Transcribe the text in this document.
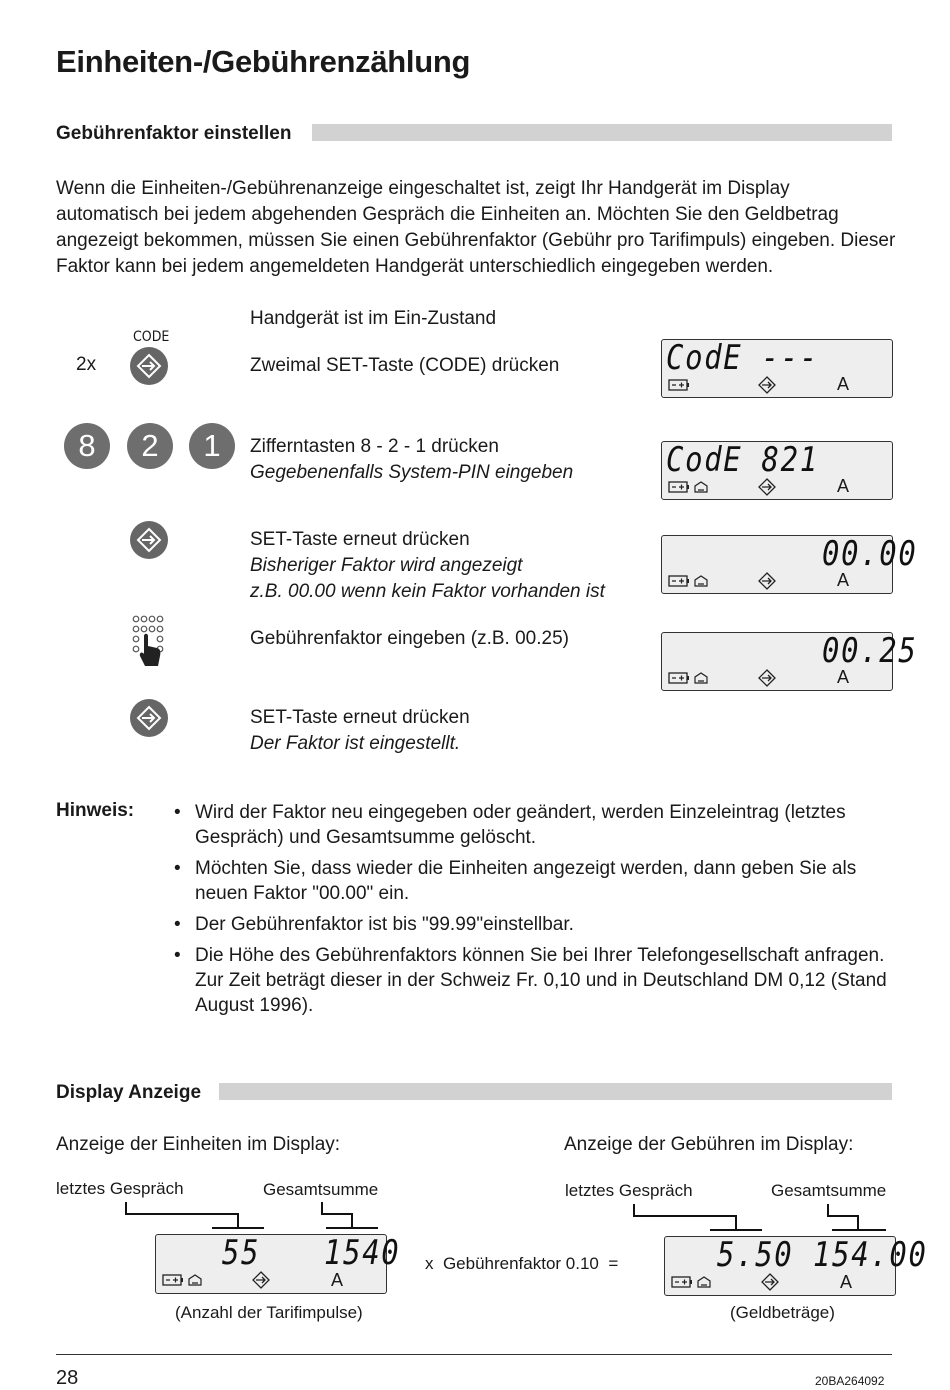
Einheiten-/Gebührenzählung
Gebührenfaktor einstellen
Wenn die Einheiten-/Gebührenanzeige eingeschaltet ist, zeigt Ihr Handgerät im Display automatisch bei jedem abgehenden Gespräch die Einheiten an. Möchten Sie den Geldbetrag angezeigt bekommen, müssen Sie einen Gebührenfaktor (Gebühr pro Tarifimpuls) eingeben. Dieser Faktor kann bei jedem angemeldeten Handgerät unterschiedlich eingegeben werden.
Handgerät ist im Ein-Zustand
2x
CODE
Zweimal SET-Taste (CODE) drücken	CodE ---
A
8	2	1	Zifferntasten 8 - 2 - 1 drücken
Gegebenenfalls System-PIN eingeben	CodE 821
A
SET-Taste erneut drücken
Bisheriger Faktor wird angezeigt
z.B. 00.00 wenn kein Faktor vorhanden ist
00.00
A
Gebührenfaktor eingeben (z.B. 00.25)	00.25
A
SET-Taste erneut drücken
Der Faktor ist eingestellt.
Hinweis:
•	Wird der Faktor neu eingegeben oder geändert, werden Einzeleintrag (letztes Gespräch) und Gesamtsumme gelöscht.
• Möchten Sie, dass wieder die Einheiten angezeigt werden, dann geben Sie als neuen Faktor "00.00" ein.
• Der Gebührenfaktor ist bis "99.99"einstellbar.
• Die Höhe des Gebührenfaktors können Sie bei Ihrer Telefongesellschaft anfragen. Zur Zeit beträgt dieser in der Schweiz Fr. 0,10 und in Deutschland DM 0,12 (Stand August 1996).
Display Anzeige
Anzeige der Einheiten im Display:
letztes Gespräch	Gesamtsumme
55 1540
A
(Anzahl der Tarifimpulse)
x  Gebührenfaktor 0.10  =
Anzeige der Gebühren im Display:
letztes Gespräch	Gesamtsumme
5.50 154.00
A
(Geldbeträge)
28	20BA264092
